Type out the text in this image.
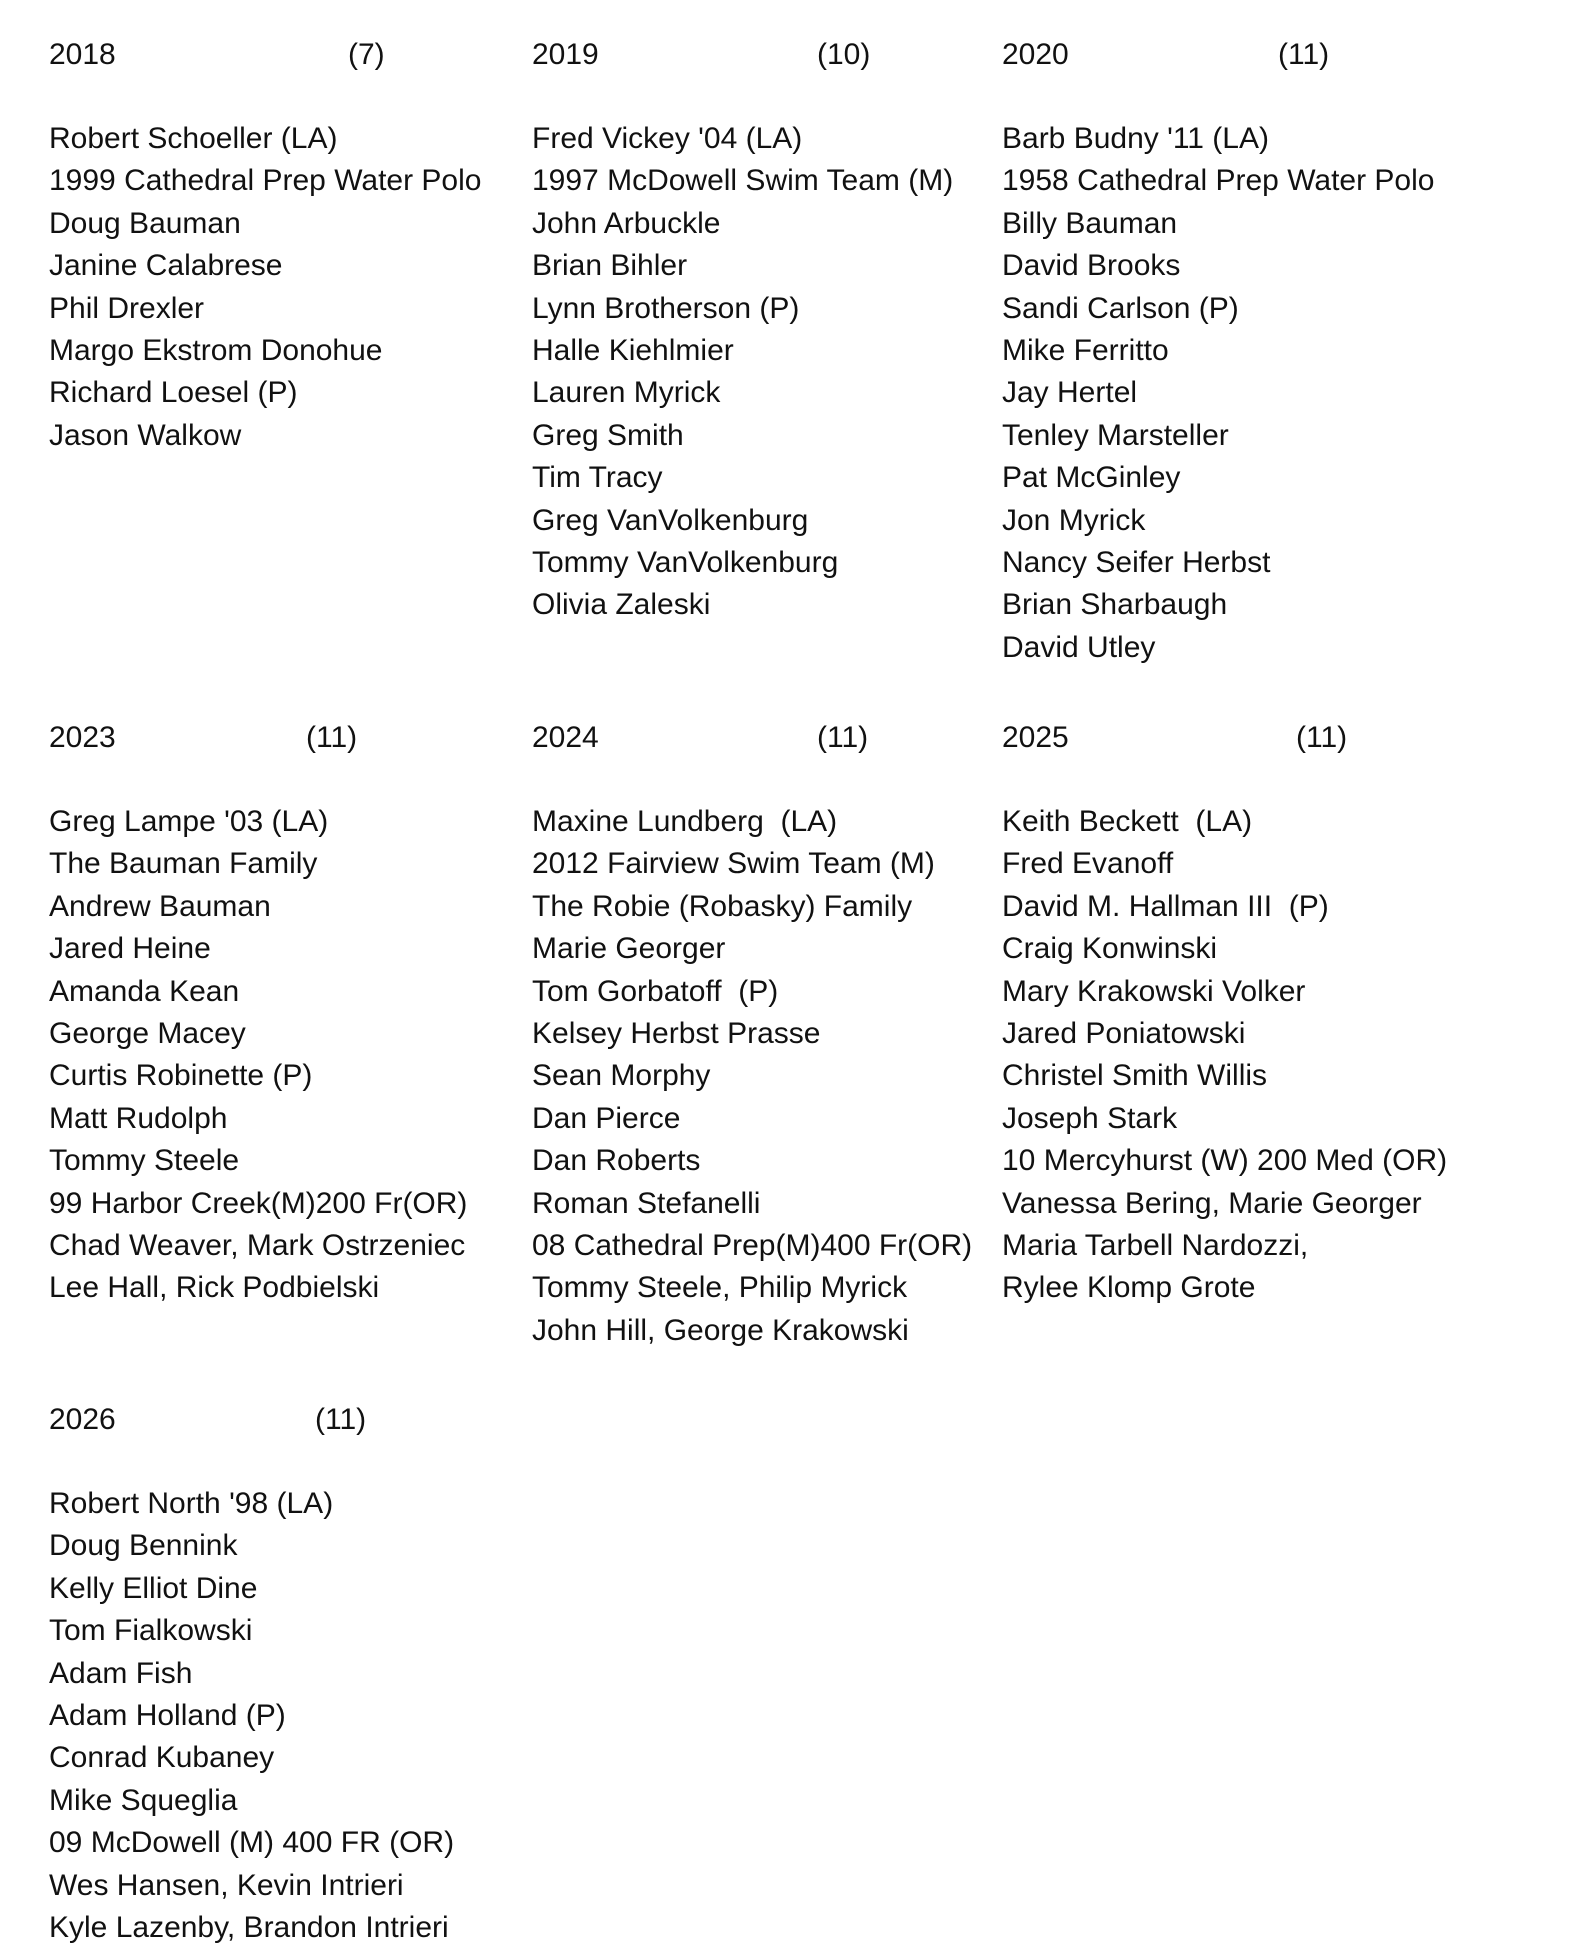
2018	(7)
Robert Schoeller (LA)
1999 Cathedral Prep Water Polo
Doug Bauman
Janine Calabrese
Phil Drexler
Margo Ekstrom Donohue
Richard Loesel (P)
Jason Walkow
2019	(10)
Fred Vickey '04 (LA)
1997 McDowell Swim Team (M)
John Arbuckle
Brian Bihler
Lynn Brotherson (P)
Halle Kiehlmier
Lauren Myrick
Greg Smith
Tim Tracy
Greg VanVolkenburg
Tommy VanVolkenburg
Olivia Zaleski
2020	(11)
Barb Budny '11 (LA)
1958 Cathedral Prep Water Polo
Billy Bauman
David Brooks
Sandi Carlson (P)
Mike Ferritto
Jay Hertel
Tenley Marsteller
Pat McGinley
Jon Myrick
Nancy Seifer Herbst
Brian Sharbaugh
David Utley
2023	(11)
Greg Lampe '03 (LA)
The Bauman Family
Andrew Bauman
Jared Heine
Amanda Kean
George Macey
Curtis Robinette (P)
Matt Rudolph
Tommy Steele
99 Harbor Creek(M)200 Fr(OR)
Chad Weaver, Mark Ostrzeniec
Lee Hall, Rick Podbielski
2024	(11)
Maxine Lundberg  (LA)
2012 Fairview Swim Team (M)
The Robie (Robasky) Family
Marie Georger
Tom Gorbatoff  (P)
Kelsey Herbst Prasse
Sean Morphy
Dan Pierce
Dan Roberts
Roman Stefanelli
08 Cathedral Prep(M)400 Fr(OR)
Tommy Steele, Philip Myrick
John Hill, George Krakowski
2025	(11)
Keith Beckett  (LA)
Fred Evanoff
David M. Hallman III  (P)
Craig Konwinski
Mary Krakowski Volker
Jared Poniatowski
Christel Smith Willis
Joseph Stark
10 Mercyhurst (W) 200 Med (OR)
Vanessa Bering, Marie Georger
Maria Tarbell Nardozzi,
Rylee Klomp Grote
2026	(11)
Robert North '98 (LA)
Doug Bennink
Kelly Elliot Dine
Tom Fialkowski
Adam Fish
Adam Holland (P)
Conrad Kubaney
Mike Squeglia
09 McDowell (M) 400 FR (OR)
Wes Hansen, Kevin Intrieri
Kyle Lazenby, Brandon Intrieri
